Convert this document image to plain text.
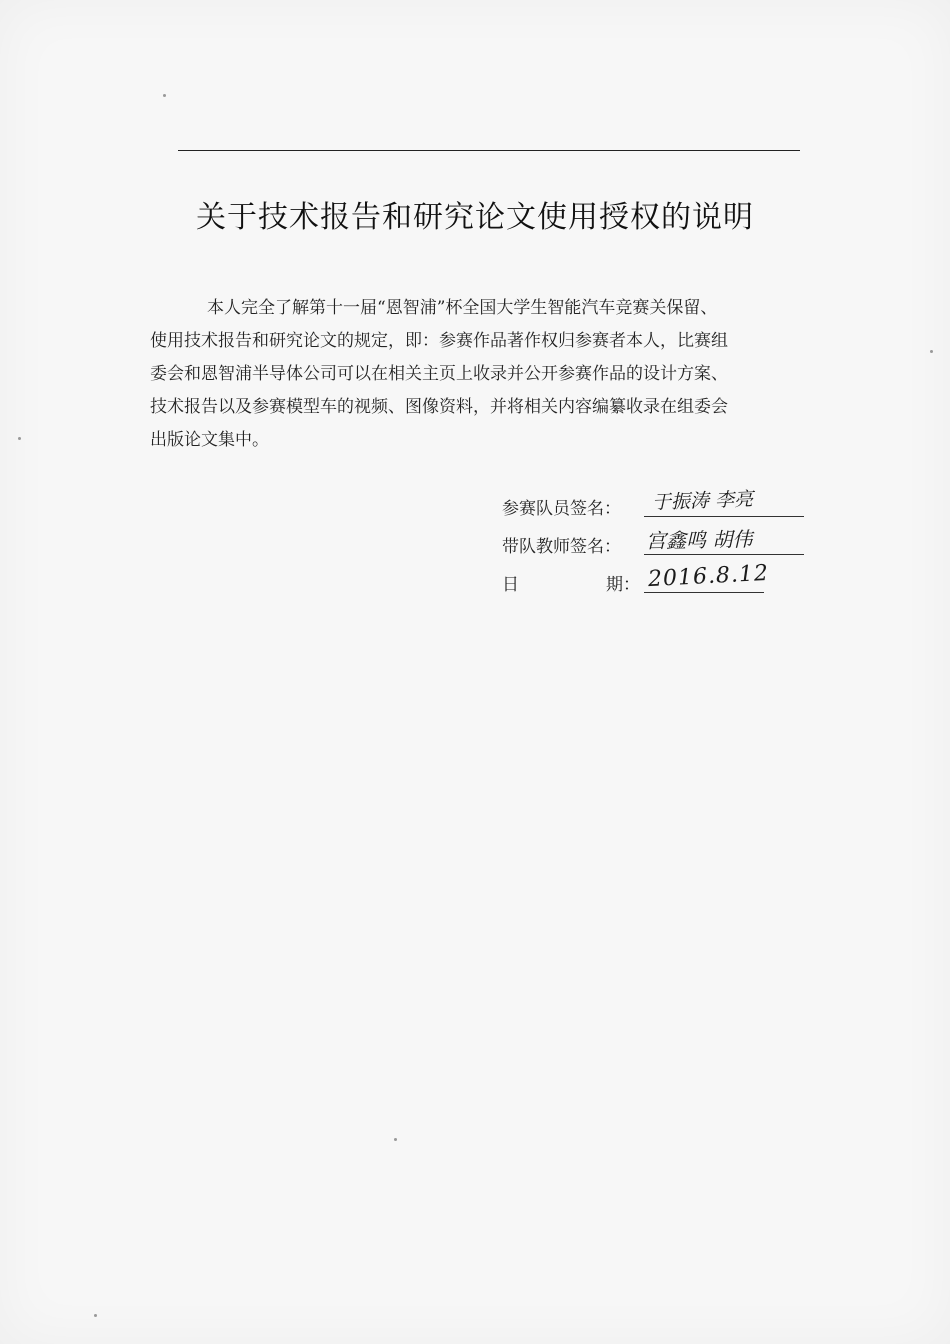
关于技术报告和研究论文使用授权的说明
本人完全了解第十一届“恩智浦”杯全国大学生智能汽车竞赛关保留、
使用技术报告和研究论文的规定，即：参赛作品著作权归参赛者本人，比赛组
委会和恩智浦半导体公司可以在相关主页上收录并公开参赛作品的设计方案、
技术报告以及参赛模型车的视频、图像资料，并将相关内容编纂收录在组委会
出版论文集中。
参赛队员签名： 于振涛 李亮
带队教师签名： 宫鑫鸣 胡伟
日	期： 2016.8.12
